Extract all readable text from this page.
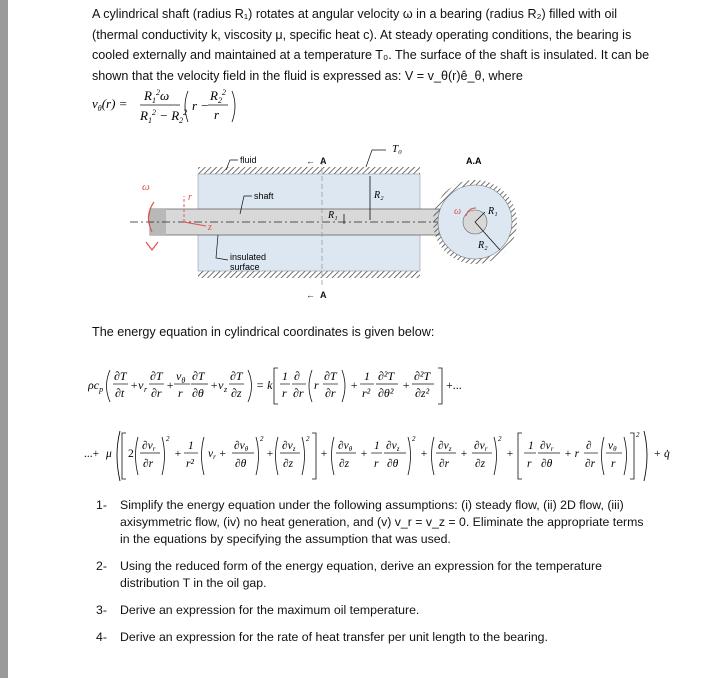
A cylindrical shaft (radius R₁) rotates at angular velocity ω in a bearing (radius R₂) filled with oil (thermal conductivity k, viscosity μ, specific heat c). At steady operating conditions, the bearing is cooled externally and maintained at a temperature T₀. The surface of the shaft is insulated. It can be shown that the velocity field in the fluid is expressed as: V = v_θ(r)ê_θ, where
$v_\theta(r)$ =
$R_1^2\omega$
$R_1^2 - R_2^2$ r −
$R_2^2$
r
v_θ(r) = R₁²ω / (R₁² − R₂²) · (r − R₂²/r)
← A
← A
fluid
shaft
insulated
surface
T₀
R₂
R₁
r
z
ω
A.A
R₁
R₂
ω
The energy equation in cylindrical coordinates is given below:
$\rho c_p$
∂T
∂t
+v r
∂T
∂r
+
$v_\theta$
r
∂T
∂θ
+v z
∂T
∂z
= k
1
r
∂
∂r
r
∂T
∂r
+
1
r²
∂²T
∂θ²
+
∂²T
∂z²
+...
...+ μ 2
∂vr
∂r
2
+
1
r²
vr +
∂vθ
∂θ
2
+
∂vz
∂z
2
+
∂vθ
∂z
+
1
r
∂vz
∂θ
2
+
∂vz
∂r
+
∂vr
∂z
2
+
1
r
∂vr
∂θ
+ r
∂
∂r
vθ
r
2
+ q̇
1- Simplify the energy equation under the following assumptions: (i) steady flow, (ii) 2D flow, (iii) axisymmetric flow, (iv) no heat generation, and (v) v_r = v_z = 0. Eliminate the appropriate terms in the equations by specifying the assumption that was used.
2- Using the reduced form of the energy equation, derive an expression for the temperature distribution T in the oil gap.
3- Derive an expression for the maximum oil temperature.
4- Derive an expression for the rate of heat transfer per unit length to the bearing.
